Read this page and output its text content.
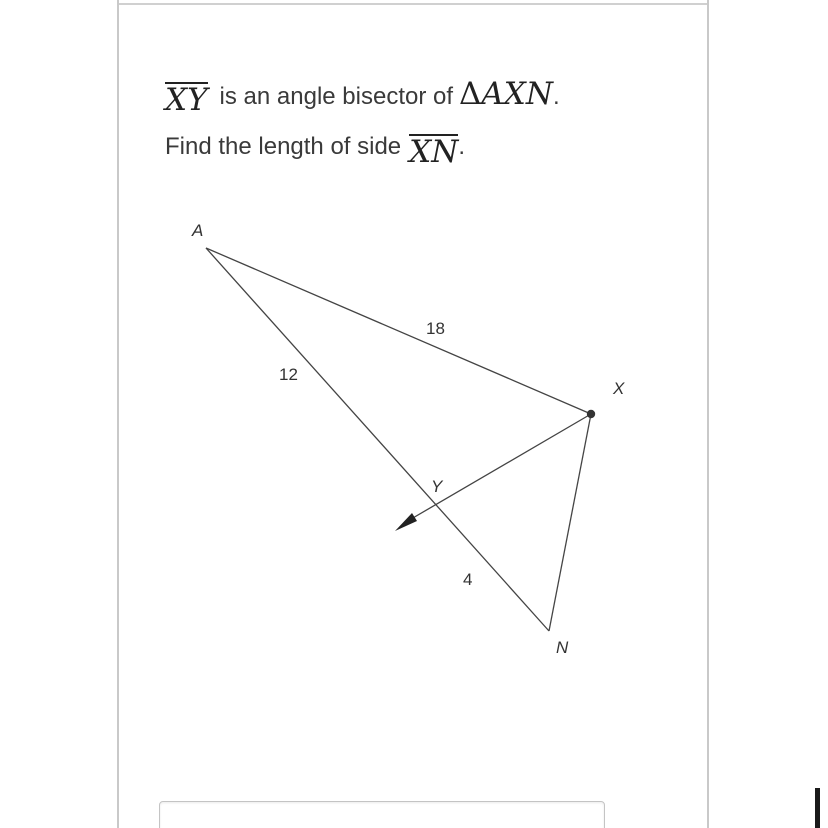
XY is an angle bisector of ΔAXN.
Find the length of side XN.
A
X
N
Y
18
12
4
